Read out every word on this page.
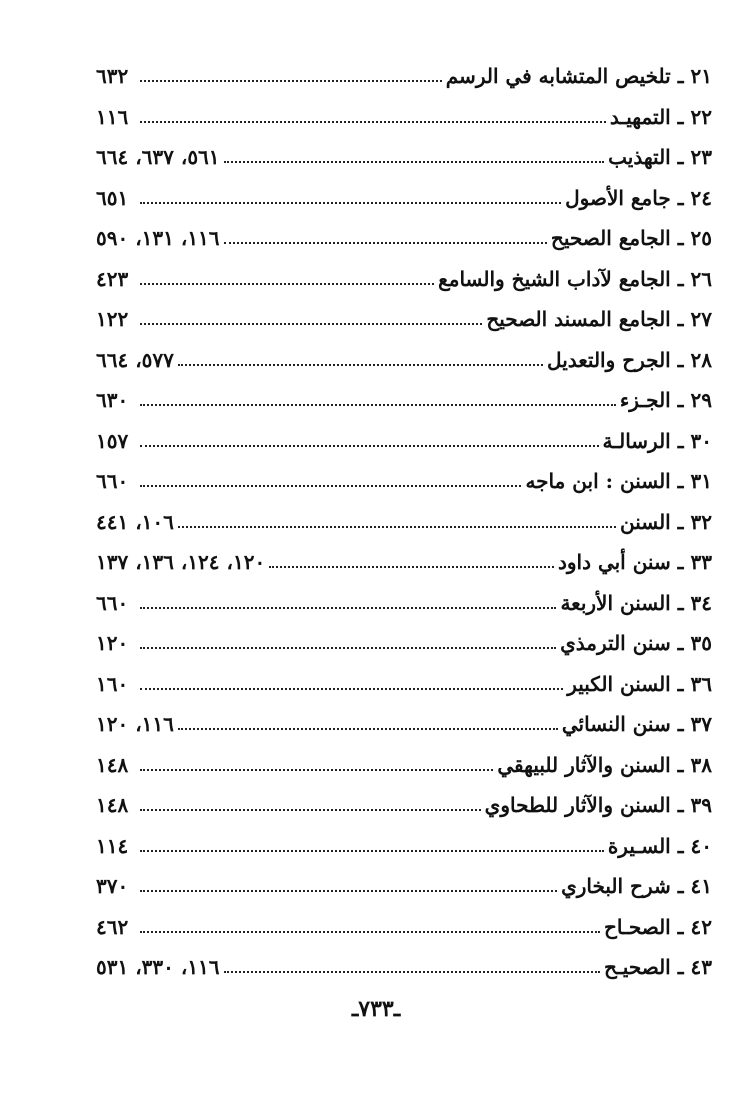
٢١ ـ تلخيص المتشابه في الرسم
٦٣٢
٢٢ ـ التمهيـد
١١٦
٢٣ ـ التهذيب
٥٦١، ٦٣٧، ٦٦٤
٢٤ ـ جامع الأصول
٦٥١
٢٥ ـ الجامع الصحيح
١١٦، ١٣١، ٥٩٠
٢٦ ـ الجامع لآداب الشيخ والسامع
٤٢٣
٢٧ ـ الجامع المسند الصحيح
١٢٢
٢٨ ـ الجرح والتعديل
٥٧٧، ٦٦٤
٢٩ ـ الجـزء
٦٣٠
٣٠ ـ الرسالـة
١٥٧
٣١ ـ السنن : ابن ماجه
٦٦٠
٣٢ ـ السنن
١٠٦، ٤٤١
٣٣ ـ سنن أبي داود
١٢٠، ١٢٤، ١٣٦، ١٣٧
٣٤ ـ السنن الأربعة
٦٦٠
٣٥ ـ سنن الترمذي
١٢٠
٣٦ ـ السنن الكبير
١٦٠
٣٧ ـ سنن النسائي
١١٦، ١٢٠
٣٨ ـ السنن والآثار للبيهقي
١٤٨
٣٩ ـ السنن والآثار للطحاوي
١٤٨
٤٠ ـ السـيرة
١١٤
٤١ ـ شرح البخاري
٣٧٠
٤٢ ـ الصحـاح
٤٦٢
٤٣ ـ الصحيـح
١١٦، ٣٣٠، ٥٣١
ـ٧٣٣ـ
